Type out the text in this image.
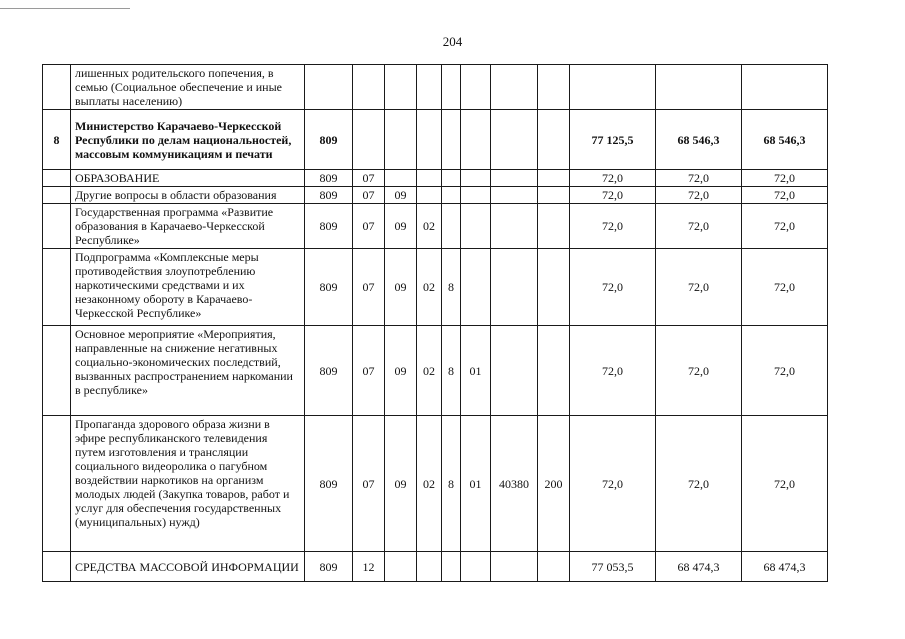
204
	лишенных родительского попечения, в семью (Социальное обеспечение и иные выплаты населению)											
8	Министерство Карачаево-Черкесской Республики по делам национальностей, массовым коммуникациям и печати	809								77 125,5	68 546,3	68 546,3
	ОБРАЗОВАНИЕ	809	07							72,0	72,0	72,0
	Другие вопросы в области образования	809	07	09						72,0	72,0	72,0
	Государственная программа «Развитие образования в Карачаево-Черкесской Республике»	809	07	09	02					72,0	72,0	72,0
	Подпрограмма «Комплексные меры противодействия злоупотреблению наркотическими средствами и их незаконному обороту в Карачаево-Черкесской Республике»	809	07	09	02	8				72,0	72,0	72,0
	Основное мероприятие «Мероприятия, направленные на снижение негативных социально-экономических последствий, вызванных распространением наркомании в республике»	809	07	09	02	8	01			72,0	72,0	72,0
	Пропаганда здорового образа жизни в эфире республиканского телевидения путем изготовления и трансляции социального видеоролика о пагубном воздействии наркотиков на организм молодых людей (Закупка товаров, работ и услуг для обеспечения государственных (муниципальных) нужд)	809	07	09	02	8	01	40380	200	72,0	72,0	72,0
	СРЕДСТВА МАССОВОЙ ИНФОРМАЦИИ	809	12							77 053,5	68 474,3	68 474,3
